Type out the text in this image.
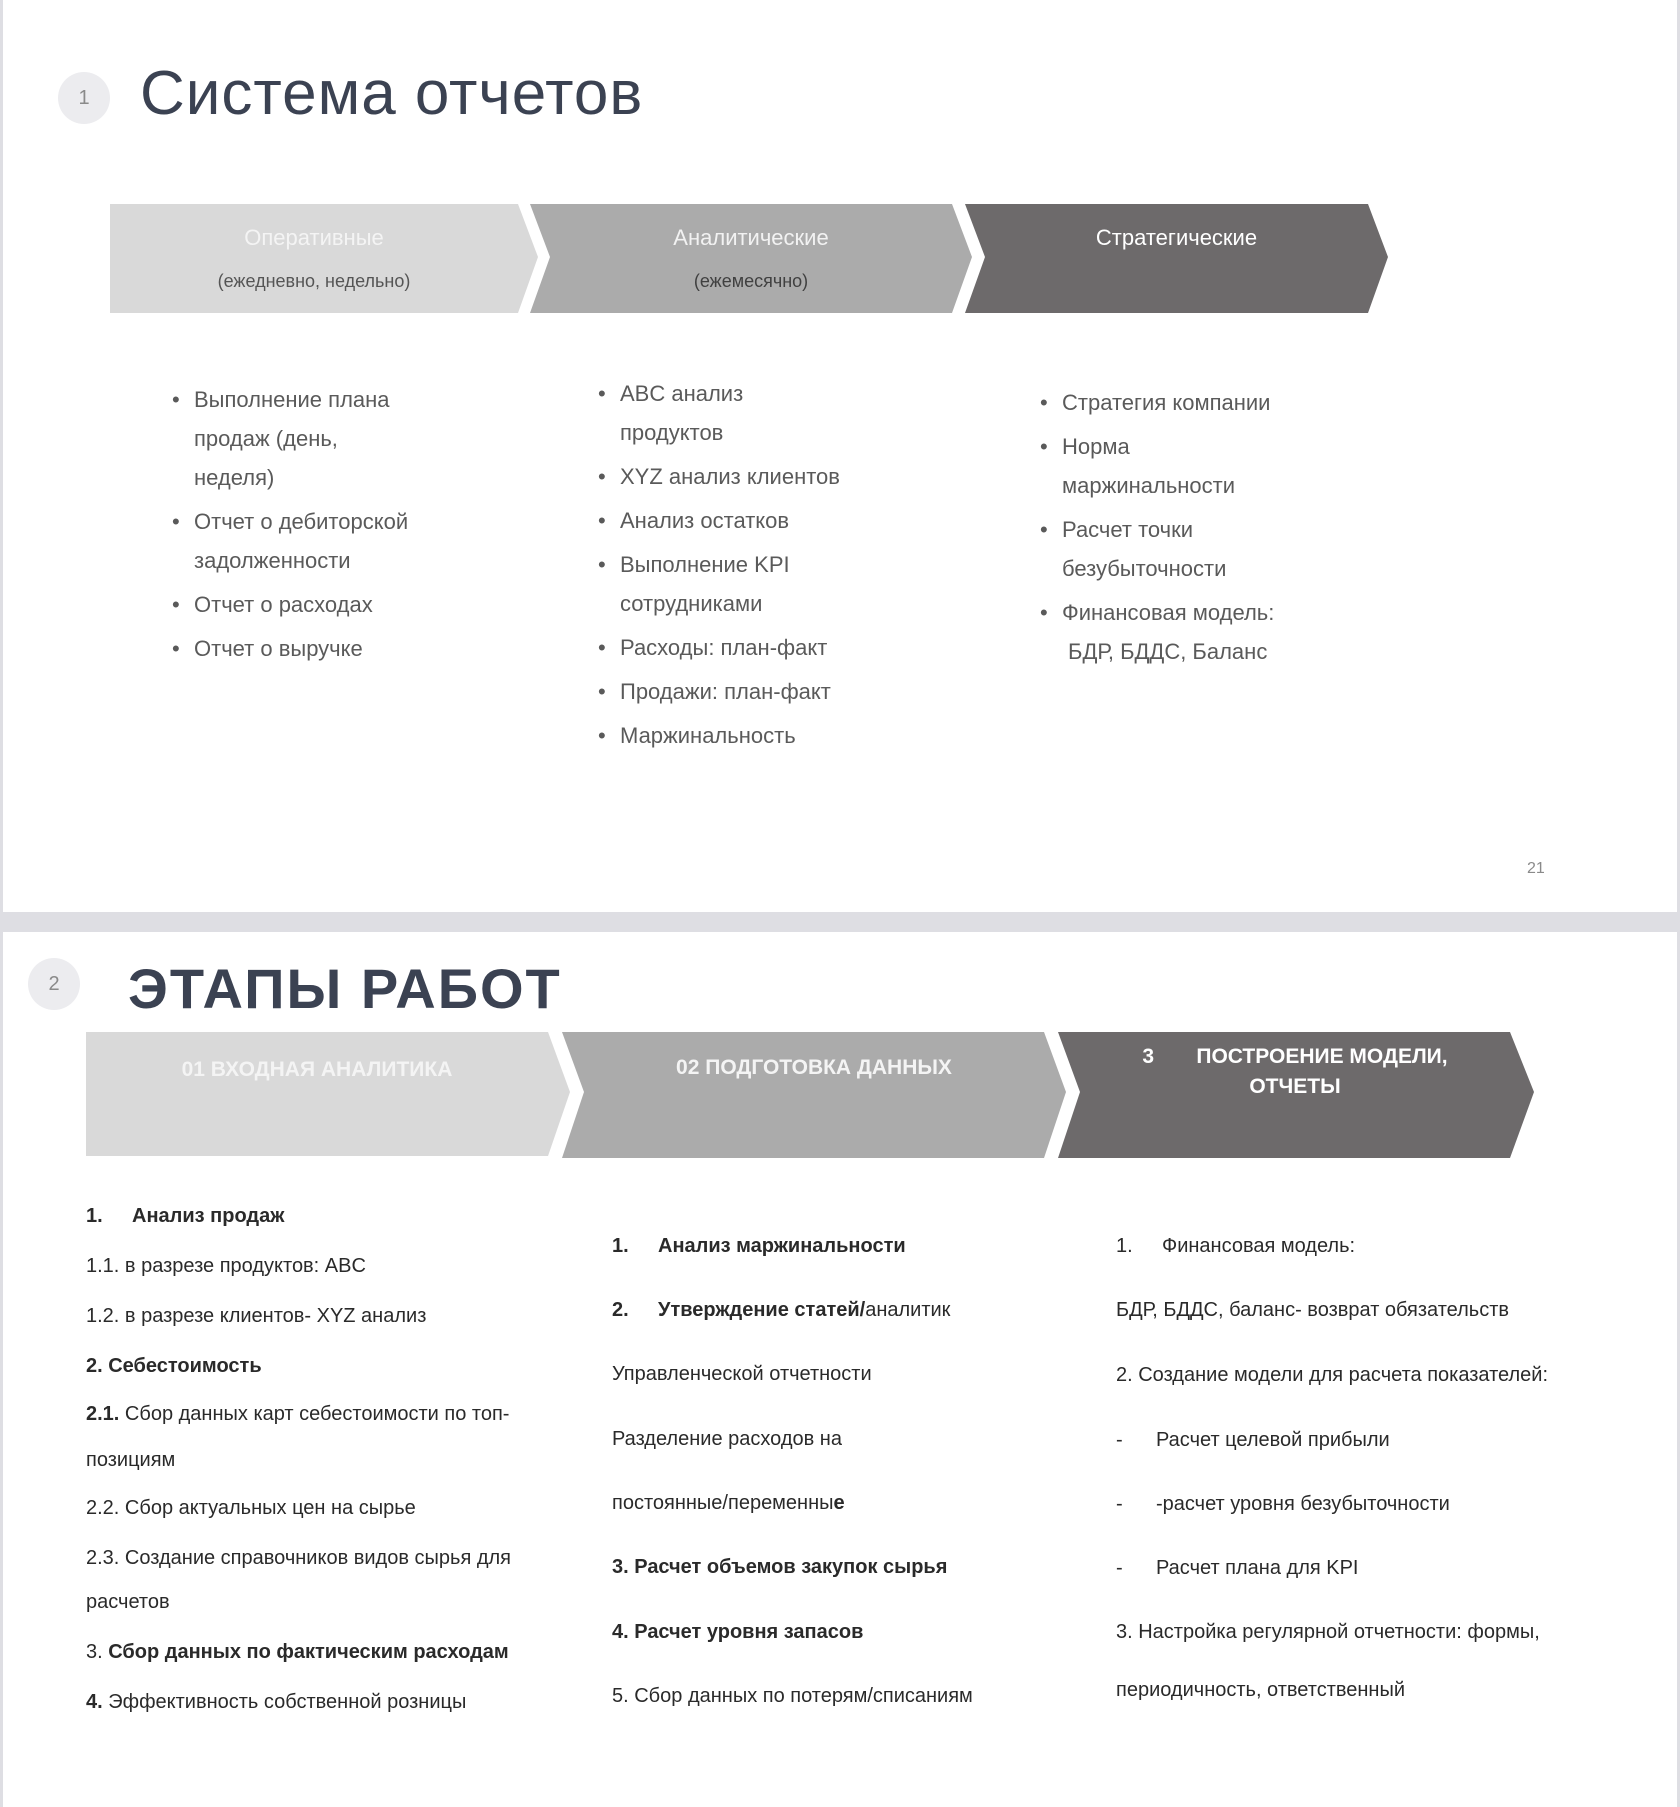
1 Система отчетов
Оперативные
(ежедневно, недельно)
Аналитические
(ежемесячно)
Стратегические
• Выполнение плана
продаж (день,
неделя)
• Отчет о дебиторской
задолженности
• Отчет о расходах
• Отчет о выручке
• ABC анализ
продуктов
• XYZ анализ клиентов
• Анализ остатков
• Выполнение KPI
сотрудниками
• Расходы: план-факт
• Продажи: план-факт
• Маржинальность
• Стратегия компании
• Норма
маржинальности
• Расчет точки
безубыточности
• Финансовая модель:
БДР, БДДС, Баланс
21
2	ЭТАПЫ РАБОТ
01 ВХОДНАЯ АНАЛИТИКА	02 ПОДГОТОВКА ДАННЫХ	3 ПОСТРОЕНИЕ МОДЕЛИ,
ОТЧЕТЫ
1. Анализ продаж
1.1. в разрезе продуктов: ABC
1.2. в разрезе клиентов- XYZ анализ
2. Себестоимость
2.1. Сбор данных карт себестоимости по топ-
позициям
2.2. Сбор актуальных цен на сырье
2.3. Создание справочников видов сырья для
расчетов
3. Сбор данных по фактическим расходам
4. Эффективность собственной розницы
1. Анализ маржинальности
2. Утверждение статей/аналитик
Управленческой отчетности
Разделение расходов на
постоянные/переменные
3. Расчет объемов закупок сырья
4. Расчет уровня запасов
5. Сбор данных по потерям/списаниям
1. Финансовая модель:
БДР, БДДС, баланс- возврат обязательств
2. Создание модели для расчета показателей:
- Расчет целевой прибыли
- -расчет уровня безубыточности
- Расчет плана для KPI
3. Настройка регулярной отчетности: формы,
периодичность, ответственный
